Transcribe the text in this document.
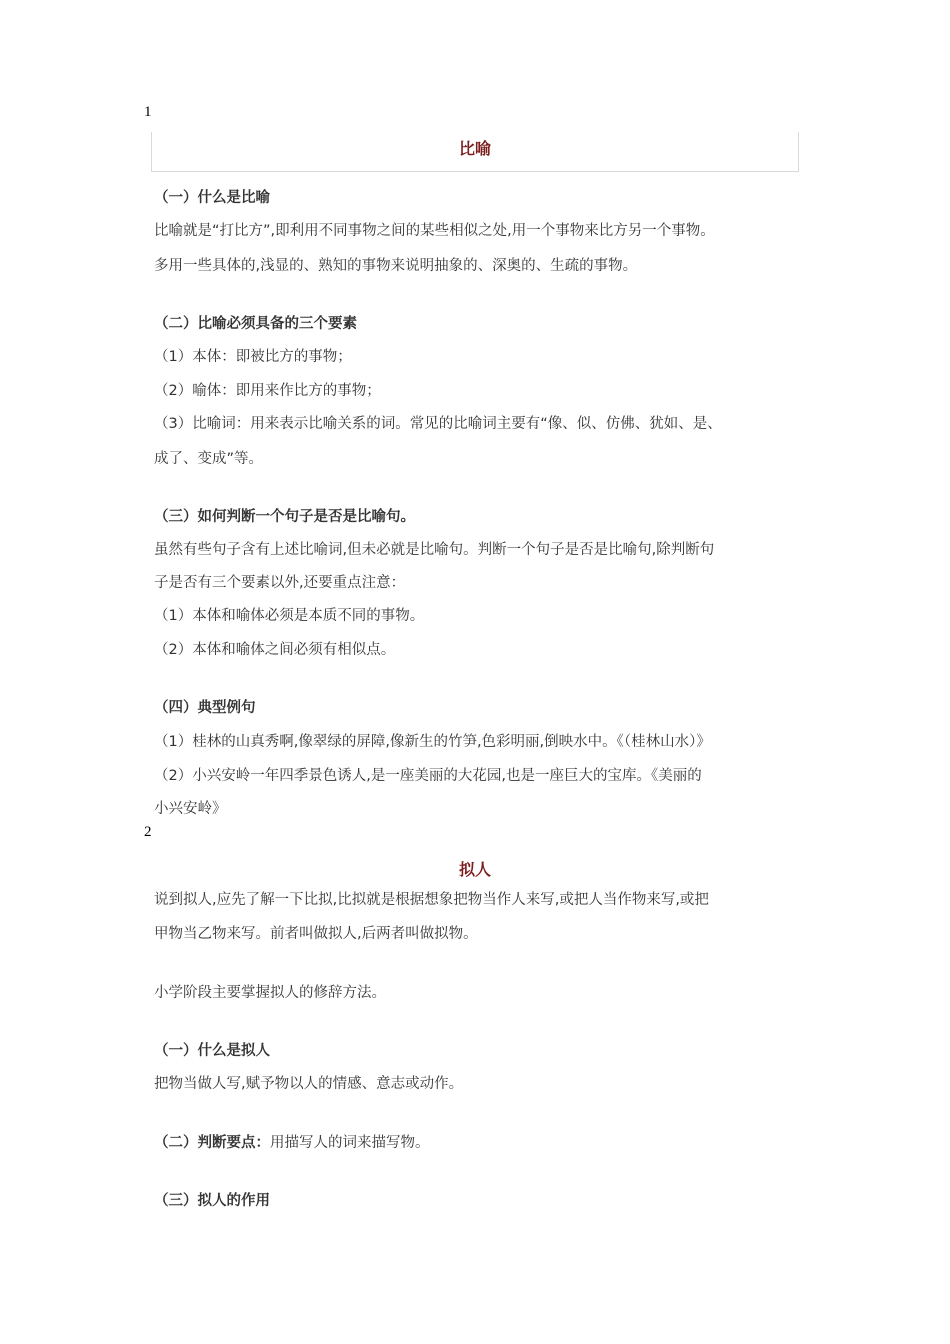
1
比喻
（一）什么是比喻
比喻就是“打比方”,即利用不同事物之间的某些相似之处,用一个事物来比方另一个事物。
多用一些具体的,浅显的、熟知的事物来说明抽象的、深奥的、生疏的事物。
（二）比喻必须具备的三个要素
（1）本体：即被比方的事物；
（2）喻体：即用来作比方的事物；
（3）比喻词：用来表示比喻关系的词。常见的比喻词主要有“像、似、仿佛、犹如、是、
成了、变成”等。
（三）如何判断一个句子是否是比喻句。
虽然有些句子含有上述比喻词,但未必就是比喻句。判断一个句子是否是比喻句,除判断句
子是否有三个要素以外,还要重点注意：
（1）本体和喻体必须是本质不同的事物。
（2）本体和喻体之间必须有相似点。
（四）典型例句
（1）桂林的山真秀啊,像翠绿的屏障,像新生的竹笋,色彩明丽,倒映水中。《（桂林山水）》
（2）小兴安岭一年四季景色诱人,是一座美丽的大花园,也是一座巨大的宝库。《美丽的
小兴安岭》
2
拟人
说到拟人,应先了解一下比拟,比拟就是根据想象把物当作人来写,或把人当作物来写,或把
甲物当乙物来写。前者叫做拟人,后两者叫做拟物。
小学阶段主要掌握拟人的修辞方法。
（一）什么是拟人
把物当做人写,赋予物以人的情感、意志或动作。
（二）判断要点：用描写人的词来描写物。
（三）拟人的作用
